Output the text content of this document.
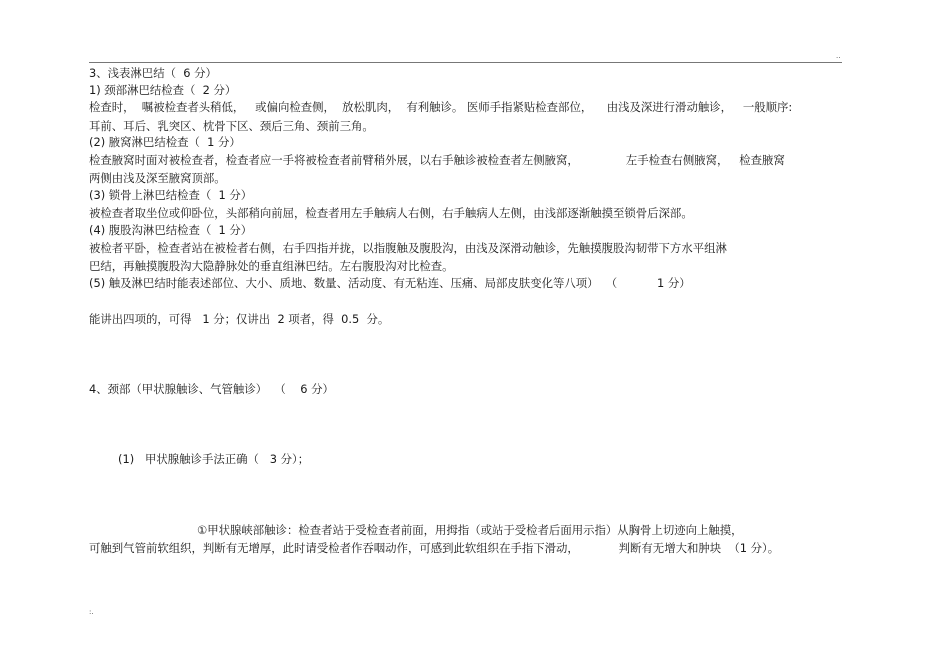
..
3、浅表淋巴结（  6 分）
1) 颈部淋巴结检查（  2 分）
检查时，  嘱被检查者头稍低，   或偏向检查侧，  放松肌肉，  有利触诊。 医师手指紧贴检查部位，    由浅及深进行滑动触诊，   一般顺序:
耳前、耳后、乳突区、枕骨下区、颈后三角、颈前三角。
(2) 腋窝淋巴结检查（  1 分）
检查腋窝时面对被检查者，检查者应一手将被检查者前臂稍外展，以右手触诊被检查者左侧腋窝，             左手检查右侧腋窝，   检查腋窝
两侧由浅及深至腋窝顶部。
(3) 锁骨上淋巴结检查（  1 分）
被检查者取坐位或仰卧位，头部稍向前屈，检查者用左手触病人右侧，右手触病人左侧，由浅部逐渐触摸至锁骨后深部。
(4) 腹股沟淋巴结检查（  1 分）
被检者平卧，检查者站在被检者右侧，右手四指并拢，以指腹触及腹股沟，由浅及深滑动触诊，先触摸腹股沟韧带下方水平组淋
巴结，再触摸腹股沟大隐静脉处的垂直组淋巴结。左右腹股沟对比检查。
(5) 触及淋巴结时能表述部位、大小、质地、数量、活动度、有无粘连、压痛、局部皮肤变化等八项）  （           1 分）
能讲出四项的，可得   1 分；仅讲出  2 项者，得  0.5  分。
4、颈部（甲状腺触诊、气管触诊）  （    6 分）
(1)   甲状腺触诊手法正确（   3 分）；
①甲状腺峡部触诊：检查者站于受检查者前面，用拇指（或站于受检者后面用示指）从胸骨上切迹向上触摸，
可触到气管前软组织，判断有无增厚，此时请受检者作吞咽动作，可感到此软组织在手指下滑动，           判断有无增大和肿块  （1 分）。
:.
